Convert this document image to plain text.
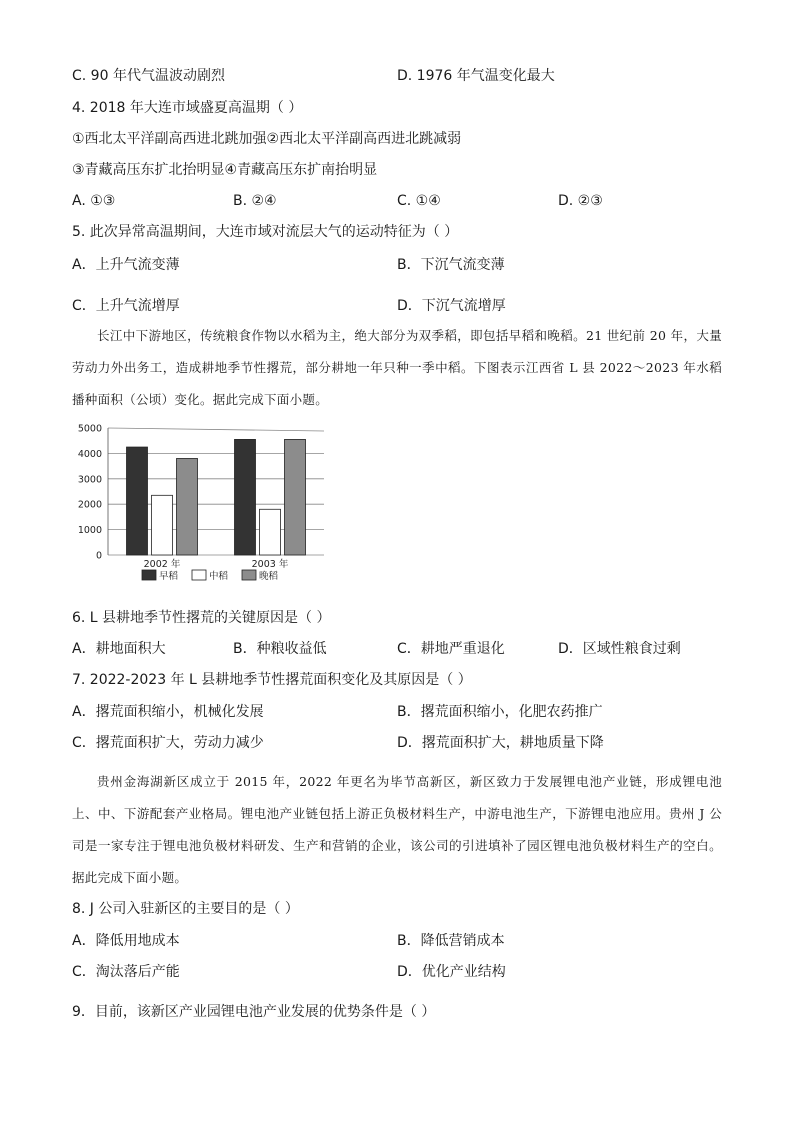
C. 90 年代气温波动剧烈	D. 1976 年气温变化最大
4. 2018 年大连市域盛夏高温期（ ）
①西北太平洋副高西进北跳加强②西北太平洋副高西进北跳减弱
③青藏高压东扩北抬明显④青藏高压东扩南抬明显
A. ①③	B. ②④	C. ①④	D. ②③
5. 此次异常高温期间，大连市域对流层大气的运动特征为（ ）
A．上升气流变薄	B．下沉气流变薄
C．上升气流增厚	D．下沉气流增厚

长江中下游地区，传统粮食作物以水稻为主，绝大部分为双季稻，即包括早稻和晚稻。21 世纪前 20 年，大量劳动力外出务工，造成耕地季节性撂荒，部分耕地一年只种一季中稻。下图表示江西省 L 县 2022～2023 年水稻播种面积（公顷）变化。据此完成下面小题。

0
1000
2000
3000
4000
5000
2002 年	2003 年
早稻	中稻	晚稻
6. L 县耕地季节性撂荒的关键原因是（ ）
A．耕地面积大	B．种粮收益低	C．耕地严重退化	D．区域性粮食过剩
7. 2022-2023 年 L 县耕地季节性撂荒面积变化及其原因是（ ）
A．撂荒面积缩小，机械化发展	B．撂荒面积缩小，化肥农药推广
C．撂荒面积扩大，劳动力减少	D．撂荒面积扩大，耕地质量下降

贵州金海湖新区成立于 2015 年，2022 年更名为毕节高新区，新区致力于发展锂电池产业链，形成锂电池上、中、下游配套产业格局。锂电池产业链包括上游正负极材料生产，中游电池生产，下游锂电池应用。贵州 J 公司是一家专注于锂电池负极材料研发、生产和营销的企业，该公司的引进填补了园区锂电池负极材料生产的空白。据此完成下面小题。

8. J 公司入驻新区的主要目的是（ ）
A．降低用地成本	B．降低营销成本
C．淘汰落后产能	D．优化产业结构
9．目前，该新区产业园锂电池产业发展的优势条件是（ ）
